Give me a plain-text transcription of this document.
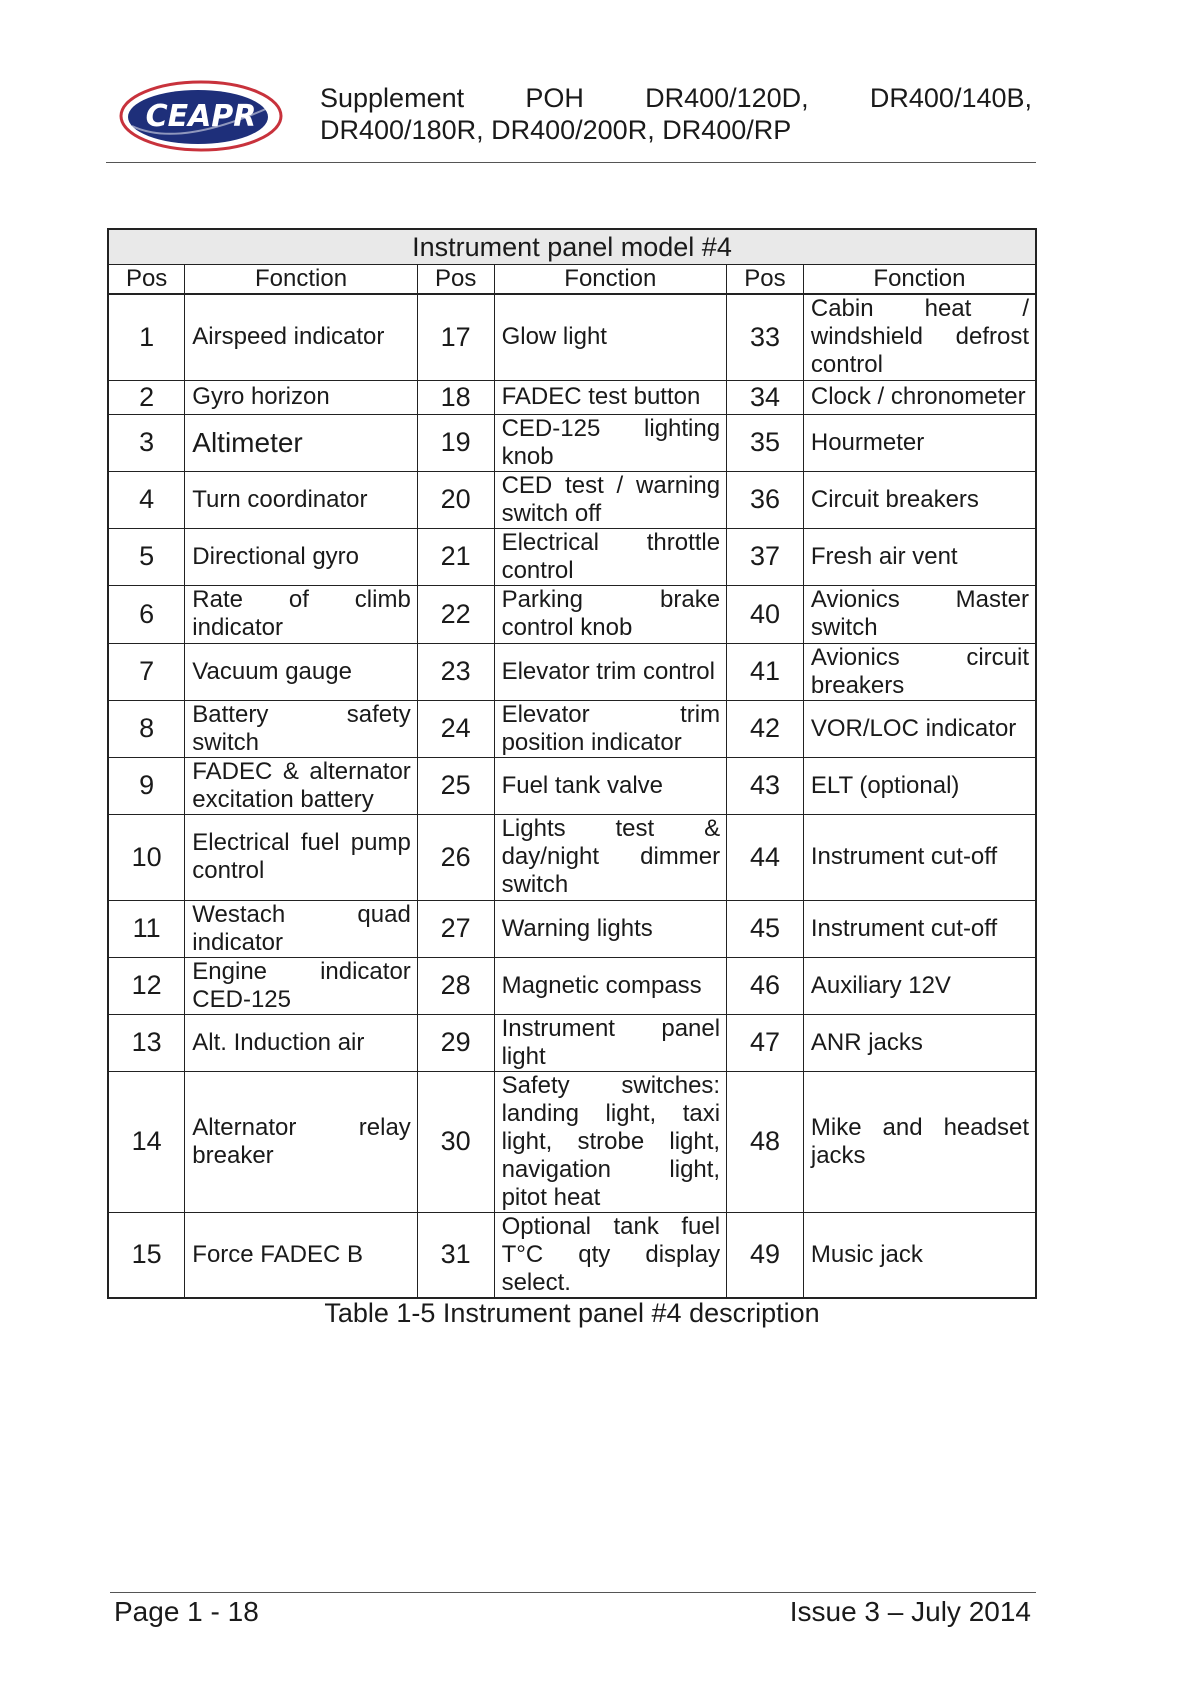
CEAPR
Supplement POH DR400/120D, DR400/140B, DR400/180R, DR400/200R, DR400/RP
Instrument panel model #4					
Pos	Fonction	Pos	Fonction	Pos	Fonction
1	Airspeed indicator	17	Glow light	33	Cabin heat / windshield defrost control
2	Gyro horizon	18	FADEC test button	34	Clock / chronometer
3	Altimeter	19	CED-125 lighting knob	35	Hourmeter
4	Turn coordinator	20	CED test / warning switch off	36	Circuit breakers
5	Directional gyro	21	Electrical throttle control	37	Fresh air vent
6	Rate of climb indicator	22	Parking brake control knob	40	Avionics Master switch
7	Vacuum gauge	23	Elevator trim control	41	Avionics circuit breakers
8	Battery safety switch	24	Elevator trim position indicator	42	VOR/LOC indicator
9	FADEC & alternator excitation battery	25	Fuel tank valve	43	ELT (optional)
10	Electrical fuel pump control	26	Lights test & day/night dimmer switch	44	Instrument cut-off
11	Westach quad indicator	27	Warning lights	45	Instrument cut-off
12	Engine indicator CED-125	28	Magnetic compass	46	Auxiliary 12V
13	Alt. Induction air	29	Instrument panel light	47	ANR jacks
14	Alternator relay breaker	30	Safety switches: landing light, taxi light, strobe light, navigation light, pitot heat	48	Mike and headset jacks
15	Force FADEC B	31	Optional tank fuel T°C qty display select.	49	Music jack
Table 1-5 Instrument panel #4 description
Page 1 - 18	Issue 3 – July 2014
